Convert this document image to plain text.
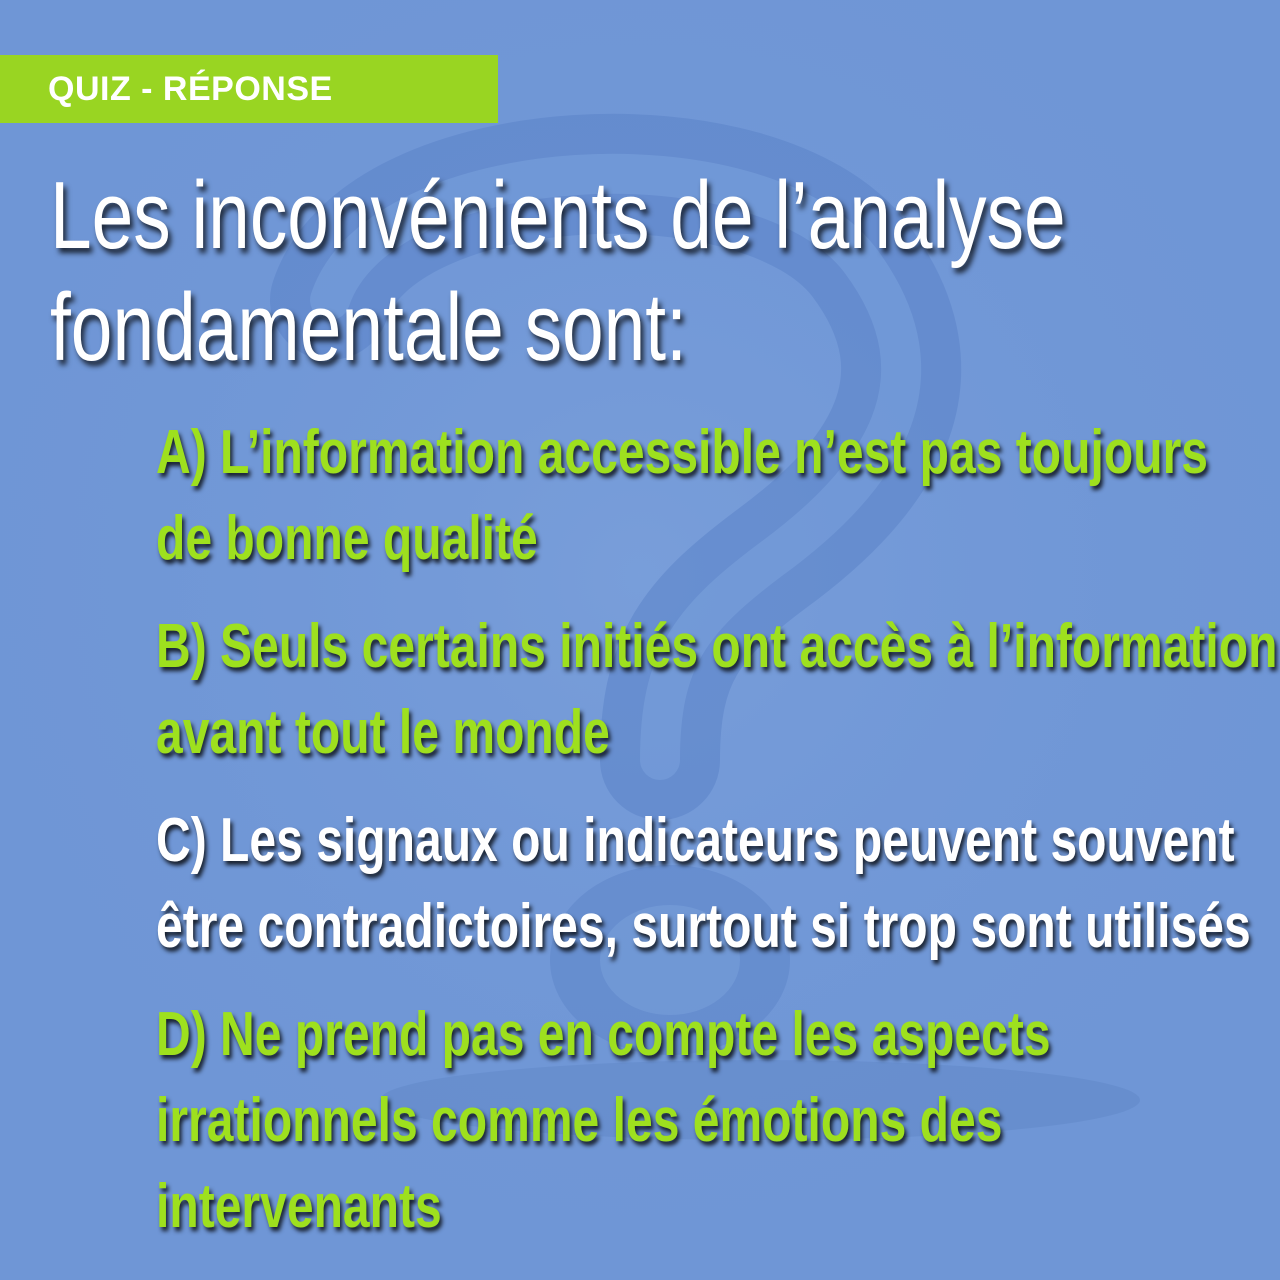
QUIZ - RÉPONSE
Les inconvénients de l’analyse
fondamentale sont:
A) L’information accessible n’est pas toujours
de bonne qualité
B) Seuls certains initiés ont accès à l’information
avant tout le monde
C) Les signaux ou indicateurs peuvent souvent
être contradictoires, surtout si trop sont utilisés
D) Ne prend pas en compte les aspects
irrationnels comme les émotions des
intervenants
